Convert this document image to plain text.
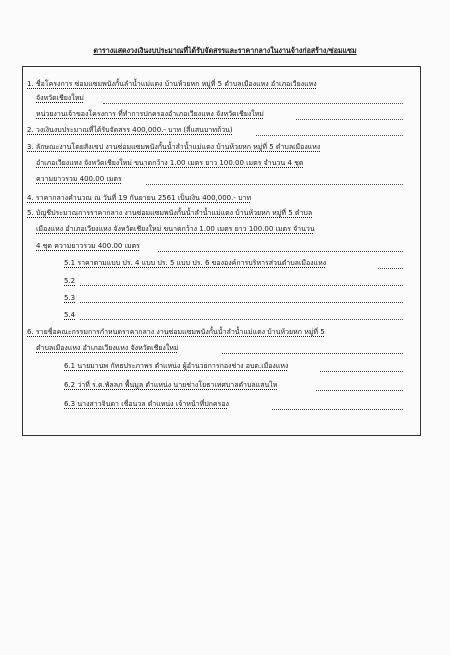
ตารางแสดงวงเงินงบประมาณที่ได้รับจัดสรรและราคากลางในงานจ้างก่อสร้าง/ซ่อมแซม
1. ชื่อโครงการ ซ่อมแซมพนังกั้นลำน้ำแม่แตง บ้านห้วยหก หมู่ที่ 5 ตำบลเมืองแหง อำเภอเวียงแหง
จังหวัดเชียงใหม่
หน่วยงานเจ้าของโครงการ ที่ทำการปกครองอำเภอเวียงแหง จังหวัดเชียงใหม่
2. วงเงินงบประมาณที่ได้รับจัดสรร 400,000.- บาท (สี่แสนบาทถ้วน)
3. ลักษณะงานโดยสังเขป งานซ่อมแซมพนังกั้นน้ำลำน้ำแม่แตง บ้านห้วยหก หมู่ที่ 5 ตำบลเมืองแหง
อำเภอเวียงแหง จังหวัดเชียงใหม่ ขนาดกว้าง 1.00 เมตร ยาว 100.00 เมตร จำนวน 4 ชุด
ความยาวรวม 400.00 เมตร
4. ราคากลางคำนวณ ณ วันที่ 19 กันยายน 2561 เป็นเงิน 400,000.- บาท
5. บัญชีประมาณการราคากลาง งานซ่อมแซมพนังกั้นน้ำลำน้ำแม่แตง บ้านห้วยหก หมู่ที่ 5 ตำบล
เมืองแหง อำเภอเวียงแหง จังหวัดเชียงใหม่ ขนาดกว้าง 1.00 เมตร ยาว 100.00 เมตร จำนวน
4 ชุด ความยาวรวม 400.00 เมตร
5.1 ราคาตามแบบ ปร. 4 แบบ ปร. 5 แบบ ปร. 6 ขององค์การบริหารส่วนตำบลเมืองแหง
5.2
5.3
5.4
6. รายชื่อคณะกรรมการกำหนดราคากลาง งานซ่อมแซมพนังกั้นน้ำลำน้ำแม่แตง บ้านห้วยหก หมู่ที่ 5
ตำบลเมืองแหง อำเภอเวียงแหง จังหวัดเชียงใหม่
6.1 นายมานพ กัทธประภาพร ตำแหน่ง ผู้อำนวยการกองช่าง อบต.เมืองแหง
6.2 ว่าที่ ร.ต.พัลลภ พื้นมูล ตำแหน่ง นายช่างโยธาเทศบาลตำบลแสนไห
6.3 นางสาวจินดา เชื่อนวล ตำแหน่ง เจ้าหน้าที่ปกครอง
